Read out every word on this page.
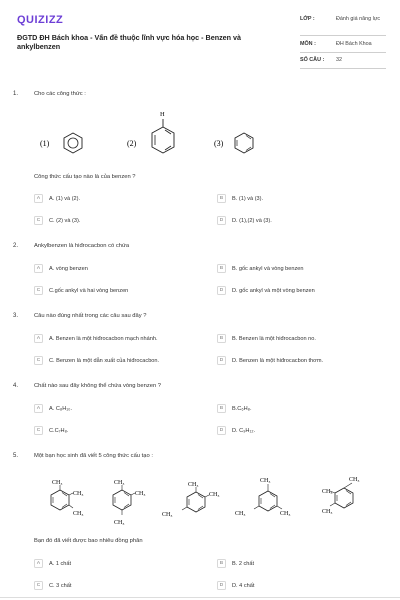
QUIZIZZ
ĐGTD ĐH Bách khoa - Vấn đề thuộc lĩnh vực hóa học - Benzen và ankylbenzen
LỚP :	Đánh giá năng lực
MÔN :	ĐH Bách Khoa
SỐ CÂU : 32
1.	Cho các công thức :
(1)	(2)
H
(3)
Công thức cấu tạo nào là của benzen ?
A	A. (1) và (2).	B	B. (1) và (3).
C	C. (2) và (3).	D	D. (1),(2) và (3).
2.	Ankylbenzen là hiđrocacbon có chứa
A	A. vòng benzen	B	B. gốc ankyl và vòng benzen
C	C.gốc ankyl và hai vòng benzen	D	D. gốc ankyl và một vòng benzen
3.	Câu nào đúng nhất trong các câu sau đây ?
A	A. Benzen là một hiđrocacbon mạch nhánh.	B	B. Benzen là một hiđrocacbon no.
C	C. Benzen là một dẫn xuất của hiđrocacbon.	D	D. Benzen là một hiđrocacbon thơm.
4.	Chất nào sau đây không thể chứa vòng benzen ?
A	A. C₈H₁₀.	B	B.C₆H₈.
C	C.C₇H₈.	D	D. C₉H₁₂.
5.	Một bạn học sinh đã viết 5 công thức cấu tạo :
CH₃
CH₃
CH₃
CH₃
CH₃
CH₃
CH₃
CH₃
CH₃
CH₃
CH₃	CH₃
CH₃
CH₃
CH₃
Bạn đó đã viết được bao nhiêu đồng phân
A	A. 1 chất	B	B. 2 chất
C	C. 3 chất	D	D. 4 chất
